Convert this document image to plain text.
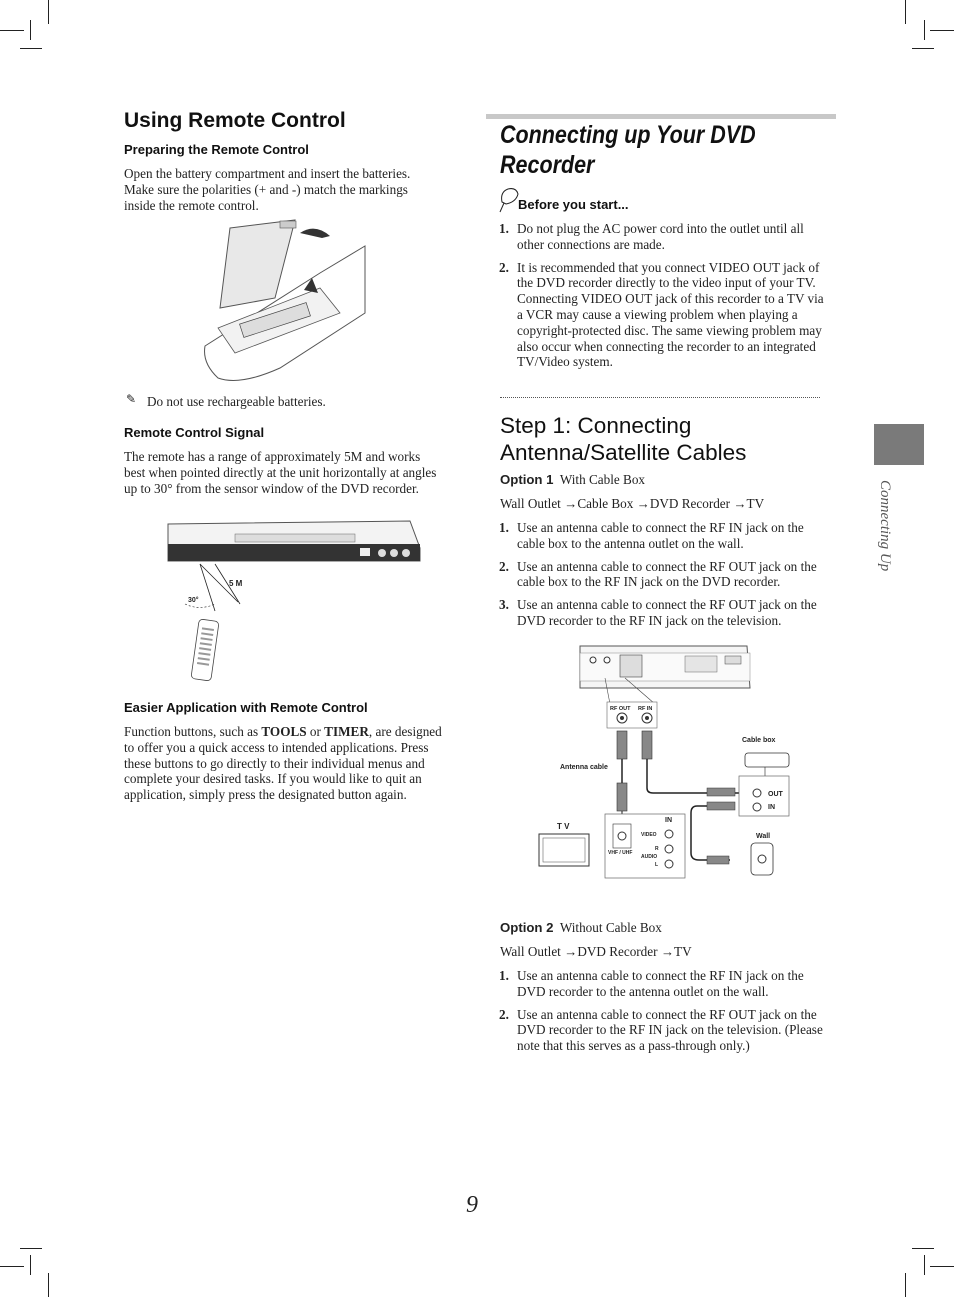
Using Remote Control
Preparing the Remote Control
Open the battery compartment and insert the batteries. Make sure the polarities (+ and -) match the markings inside the remote control.
✎ Do not use rechargeable batteries.
Remote Control Signal
The remote has a range of approximately 5M and works best when pointed directly at the unit horizontally at angles up to 30° from the sensor window of the DVD recorder.
30°
5 M
Easier Application with Remote Control
Function buttons, such as TOOLS or TIMER, are designed to offer you a quick access to intended applications. Press these buttons to go directly to their individual menus and complete your desired tasks. If you would like to quit an application, simply press the designated button again.
Connecting up Your DVD
Recorder
Before you start...
1. Do not plug the AC power cord into the outlet until all other connections are made.
2. It is recommended that you connect VIDEO OUT jack of the DVD recorder directly to the video input of your TV. Connecting VIDEO OUT jack of this recorder to a TV via a VCR may cause a viewing problem when playing a copyright-protected disc. The same viewing problem may also occur when connecting the recorder to an integrated TV/Video system.
Step 1: Connecting
Antenna/Satellite Cables
Option 1 With Cable Box
Wall Outlet →Cable Box →DVD Recorder →TV
1. Use an antenna cable to connect the RF IN jack on the cable box to the antenna outlet on the wall.
2. Use an antenna cable to connect the RF OUT jack on the cable box to the RF IN jack on the DVD recorder.
3. Use an antenna cable to connect the RF OUT jack on the DVD recorder to the RF IN jack on the television.
RF OUT RF IN
Cable box
OUT
IN
Wall
Antenna cable
T V
IN
VHF / UHF
VIDEO
R
AUDIO
L
Option 2 Without Cable Box
Wall Outlet →DVD Recorder →TV
1. Use an antenna cable to connect the RF IN jack on the DVD recorder to the antenna outlet on the wall.
2. Use an antenna cable to connect the RF OUT jack on the DVD recorder to the RF IN jack on the television. (Please note that this serves as a pass-through only.)
Connecting Up
9
